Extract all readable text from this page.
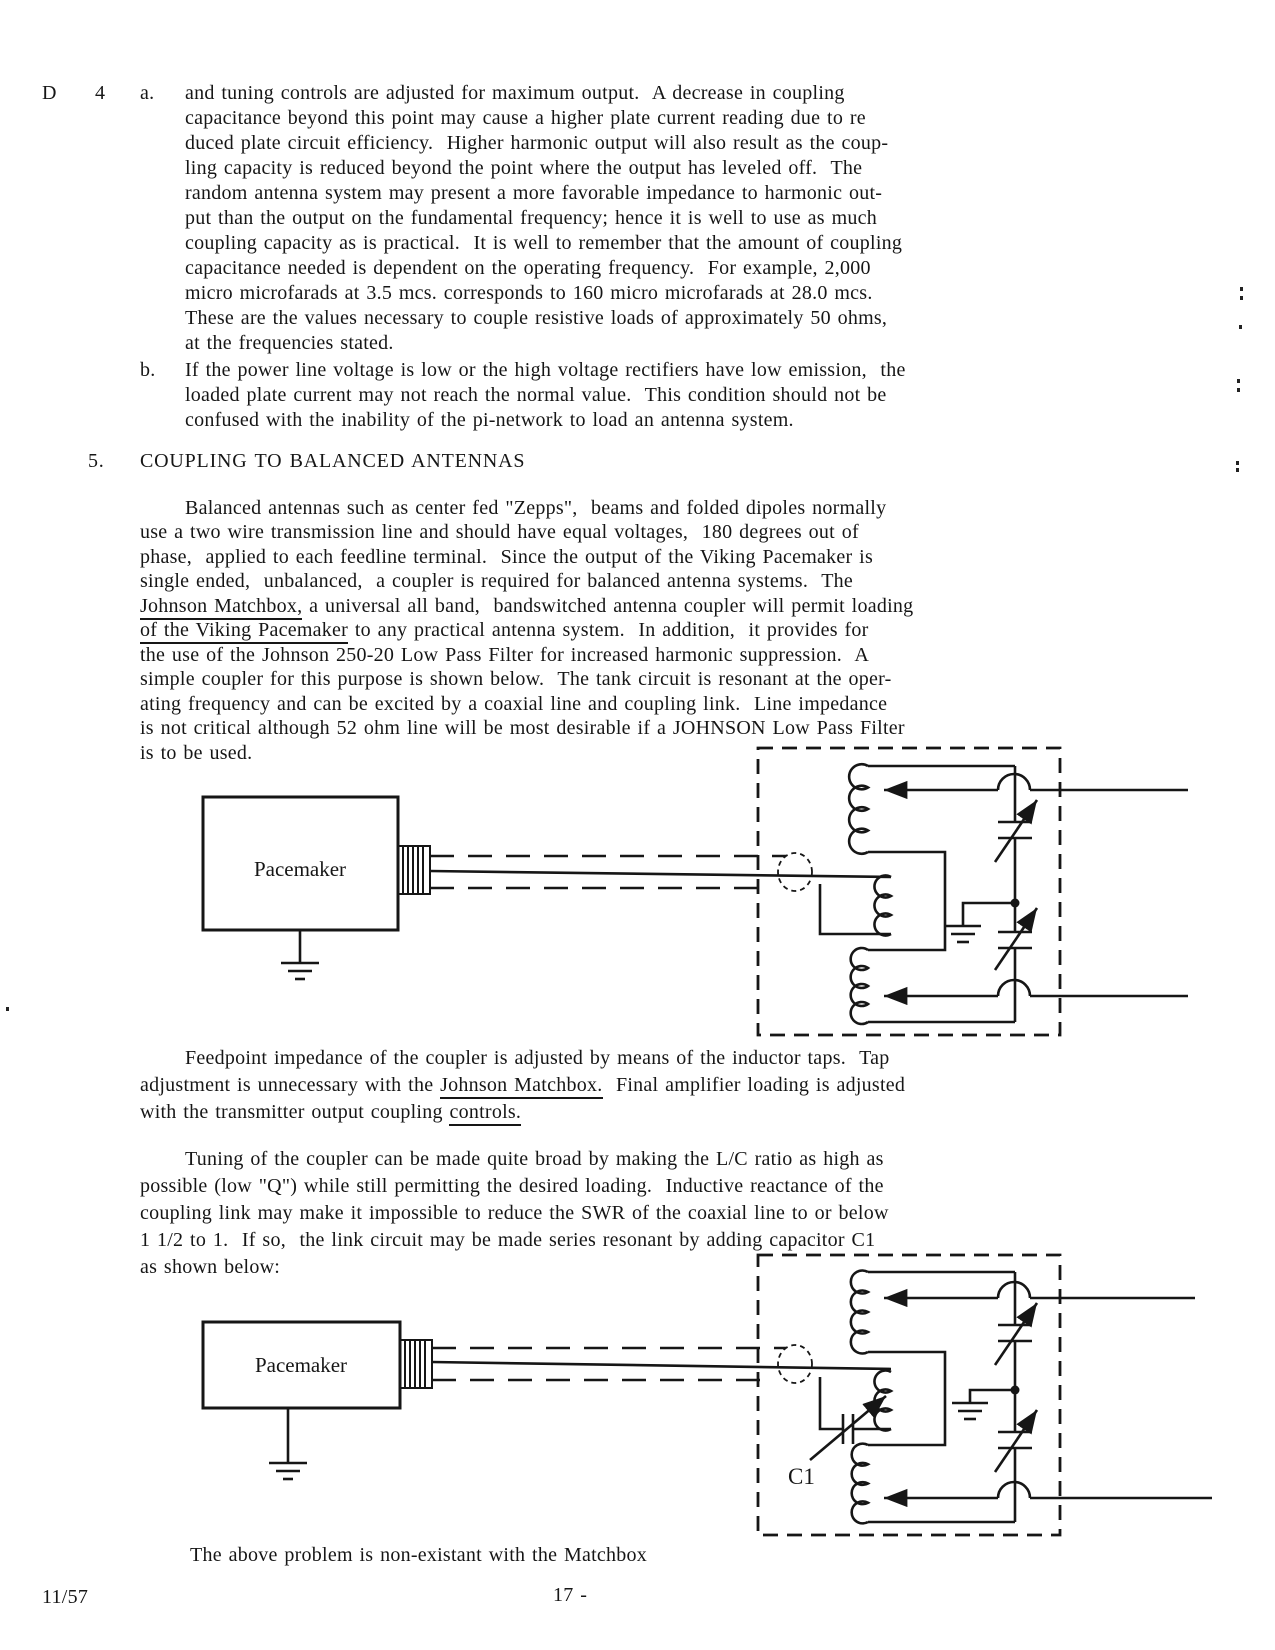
Pacemaker
Pacemaker
C1
D 4 a. and tuning controls are adjusted for maximum output.  A decrease in coupling
capacitance beyond this point may cause a higher plate current reading due to re
duced plate circuit efficiency.  Higher harmonic output will also result as the coup-
ling capacity is reduced beyond the point where the output has leveled off.  The
random antenna system may present a more favorable impedance to harmonic out-
put than the output on the fundamental frequency; hence it is well to use as much
coupling capacity as is practical.  It is well to remember that the amount of coupling
capacitance needed is dependent on the operating frequency.  For example, 2,000
micro microfarads at 3.5 mcs. corresponds to 160 micro microfarads at 28.0 mcs.
These are the values necessary to couple resistive loads of approximately 50 ohms,
at the frequencies stated.
b. If the power line voltage is low or the high voltage rectifiers have low emission,  the
loaded plate current may not reach the normal value.  This condition should not be
confused with the inability of the pi-network to load an antenna system.
5. COUPLING TO BALANCED ANTENNAS
Balanced antennas such as center fed "Zepps",  beams and folded dipoles normally
use a two wire transmission line and should have equal voltages,  180 degrees out of
phase,  applied to each feedline terminal.  Since the output of the Viking Pacemaker is
single ended,  unbalanced,  a coupler is required for balanced antenna systems.  The
Johnson Matchbox, a universal all band,  bandswitched antenna coupler will permit loading
of the Viking Pacemaker to any practical antenna system.  In addition,  it provides for
the use of the Johnson 250-20 Low Pass Filter for increased harmonic suppression.  A
simple coupler for this purpose is shown below.  The tank circuit is resonant at the oper-
ating frequency and can be excited by a coaxial line and coupling link.  Line impedance
is not critical although 52 ohm line will be most desirable if a JOHNSON Low Pass Filter
is to be used.
Feedpoint impedance of the coupler is adjusted by means of the inductor taps.  Tap
adjustment is unnecessary with the Johnson Matchbox.  Final amplifier loading is adjusted
with the transmitter output coupling controls.
Tuning of the coupler can be made quite broad by making the L/C ratio as high as
possible (low "Q") while still permitting the desired loading.  Inductive reactance of the
coupling link may make it impossible to reduce the SWR of the coaxial line to or below
1 1/2 to 1.  If so,  the link circuit may be made series resonant by adding capacitor C1
as shown below:
The above problem is non-existant with the Matchbox
11/57	17 -
